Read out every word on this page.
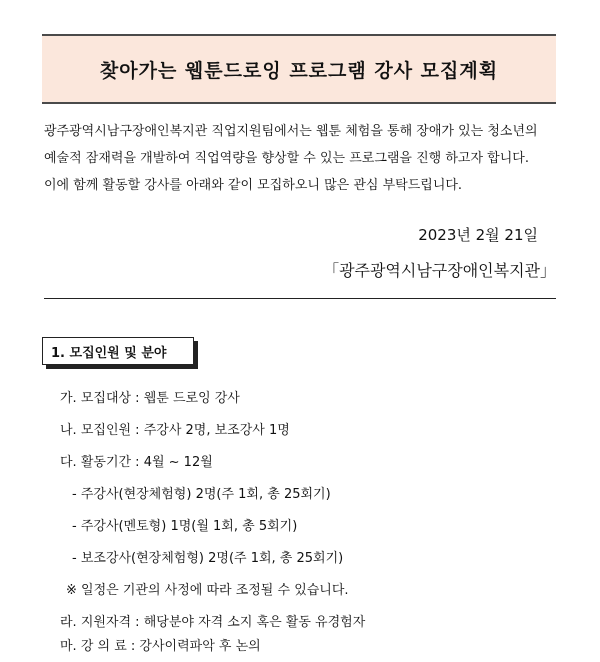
찾아가는 웹툰드로잉 프로그램 강사 모집계획

광주광역시남구장애인복지관 직업지원팀에서는 웹툰 체험을 통해 장애가 있는 청소년의

예술적 잠재력을 개발하여 직업역량을 향상할 수 있는 프로그램을 진행 하고자 합니다.

이에 함께 활동할 강사를 아래와 같이 모집하오니 많은 관심 부탁드립니다.

2023년 2월 21일
「광주광역시남구장애인복지관」
1. 모집인원 및 분야
가. 모집대상 : 웹툰 드로잉 강사
나. 모집인원 : 주강사 2명, 보조강사 1명
다. 활동기간 : 4월 ~ 12월
- 주강사(현장체험형) 2명(주 1회, 총 25회기)
- 주강사(멘토형) 1명(월 1회, 총 5회기)
- 보조강사(현장체험형) 2명(주 1회, 총 25회기)
※ 일정은 기관의 사정에 따라 조정될 수 있습니다.
라. 지원자격 : 해당분야 자격 소지 혹은 활동 유경험자
마. 강 의 료 : 강사이력파악 후 논의
